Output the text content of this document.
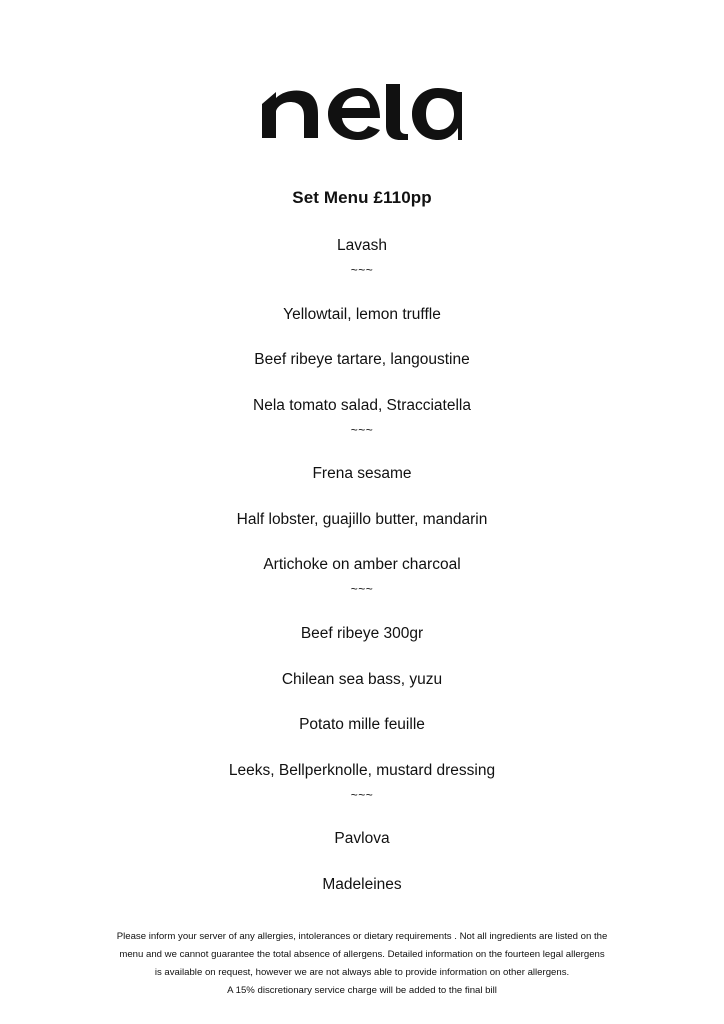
Set Menu £110pp
Lavash
~~~
Yellowtail, lemon truffle
Beef ribeye tartare, langoustine
Nela tomato salad, Stracciatella
~~~
Frena sesame
Half lobster, guajillo butter, mandarin
Artichoke on amber charcoal
~~~
Beef ribeye 300gr
Chilean sea bass, yuzu
Potato mille feuille
Leeks, Bellperknolle, mustard dressing
~~~
Pavlova
Madeleines
Please inform your server of any allergies, intolerances or dietary requirements . Not all ingredients are listed on the
menu and we cannot guarantee the total absence of allergens. Detailed information on the fourteen legal allergens
is available on request, however we are not always able to provide information on other allergens.
A 15% discretionary service charge will be added to the final bill
